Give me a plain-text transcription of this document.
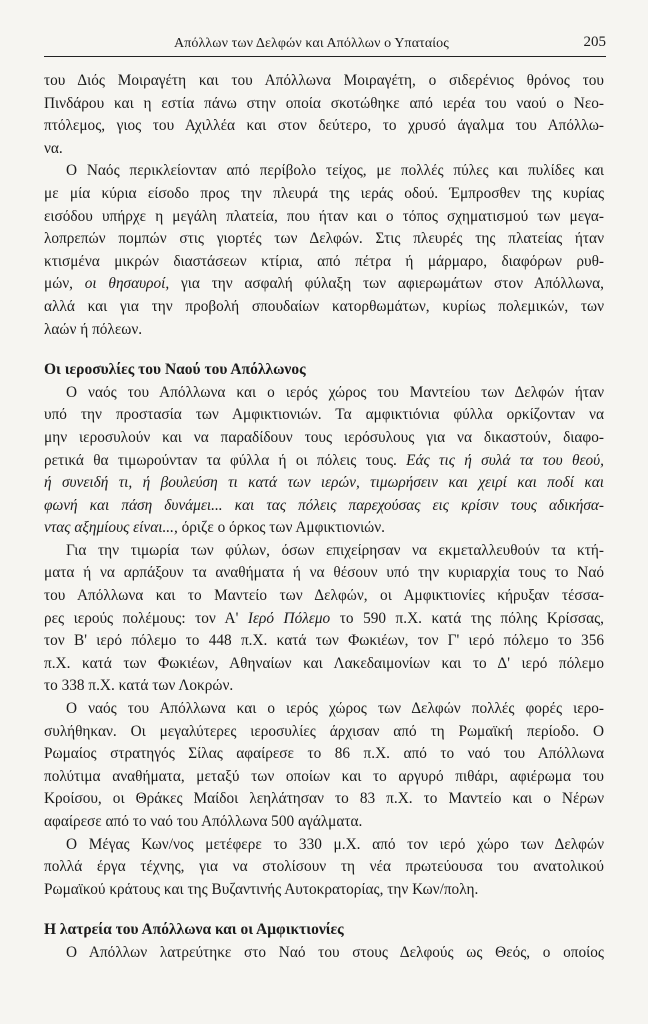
Απόλλων των Δελφών και Απόλλων ο Υπαταίος	205

του Διός Μοιραγέτη και του Απόλλωνα Μοιραγέτη, ο σιδερένιος θρόνος του
Πινδάρου και η εστία πάνω στην οποία σκοτώθηκε από ιερέα του ναού ο Νεο-
πτόλεμος, γιος του Αχιλλέα και στον δεύτερο, το χρυσό άγαλμα του Απόλλω-

να.

Ο Ναός περικλείονταν από περίβολο τείχος, με πολλές πύλες και πυλίδες και

με μία κύρια είσοδο προς την πλευρά της ιεράς οδού. Έμπροσθεν της κυρίας

εισόδου υπήρχε η μεγάλη πλατεία, που ήταν και ο τόπος σχηματισμού των μεγα-

λοπρεπών πομπών στις γιορτές των Δελφών. Στις πλευρές της πλατείας ήταν

κτισμένα μικρών διαστάσεων κτίρια, από πέτρα ή μάρμαρο, διαφόρων ρυθ-

μών, οι θησαυροί, για την ασφαλή φύλαξη των αφιερωμάτων στον Απόλλωνα,

αλλά και για την προβολή σπουδαίων κατορθωμάτων, κυρίως πολεμικών, των

λαών ή πόλεων.

Οι ιεροσυλίες του Ναού του Απόλλωνος

Ο ναός του Απόλλωνα και ο ιερός χώρος του Μαντείου των Δελφών ήταν

υπό την προστασία των Αμφικτιονιών. Τα αμφικτιόνια φύλλα ορκίζονταν να

μην ιεροσυλούν και να παραδίδουν τους ιερόσυλους για να δικαστούν, διαφο-

ρετικά θα τιμωρούνταν τα φύλλα ή οι πόλεις τους. Εάς τις ή συλά τα του θεού,

ή συνειδή τι, ή βουλεύση τι κατά των ιερών, τιμωρήσειν και χειρί και ποδί και

φωνή και πάση δυνάμει... και τας πόλεις παρεχούσας εις κρίσιν τους αδικήσα-

ντας αξημίους είναι..., όριζε ο όρκος των Αμφικτιονιών.

Για την τιμωρία των φύλων, όσων επιχείρησαν να εκμεταλλευθούν τα κτή-

ματα ή να αρπάξουν τα αναθήματα ή να θέσουν υπό την κυριαρχία τους το Ναό

του Απόλλωνα και το Μαντείο των Δελφών, οι Αμφικτιονίες κήρυξαν τέσσα-

ρες ιερούς πολέμους: τον Α' Ιερό Πόλεμο το 590 π.Χ. κατά της πόλης Κρίσσας,

τον Β' ιερό πόλεμο το 448 π.Χ. κατά των Φωκιέων, τον Γ' ιερό πόλεμο το 356

π.Χ. κατά των Φωκιέων, Αθηναίων και Λακεδαιμονίων και το Δ' ιερό πόλεμο

το 338 π.Χ. κατά των Λοκρών.

Ο ναός του Απόλλωνα και ο ιερός χώρος των Δελφών πολλές φορές ιερο-

συλήθηκαν. Οι μεγαλύτερες ιεροσυλίες άρχισαν από τη Ρωμαϊκή περίοδο. Ο

Ρωμαίος στρατηγός Σίλας αφαίρεσε το 86 π.Χ. από το ναό του Απόλλωνα

πολύτιμα αναθήματα, μεταξύ των οποίων και το αργυρό πιθάρι, αφιέρωμα του

Κροίσου, οι Θράκες Μαίδοι λεηλάτησαν το 83 π.Χ. το Μαντείο και ο Νέρων

αφαίρεσε από το ναό του Απόλλωνα 500 αγάλματα.

Ο Μέγας Κων/νος μετέφερε το 330 μ.Χ. από τον ιερό χώρο των Δελφών

πολλά έργα τέχνης, για να στολίσουν τη νέα πρωτεύουσα του ανατολικού

Ρωμαϊκού κράτους και της Βυζαντινής Αυτοκρατορίας, την Κων/πολη.

Η λατρεία του Απόλλωνα και οι Αμφικτιονίες

Ο Απόλλων λατρεύτηκε στο Ναό του στους Δελφούς ως Θεός, ο οποίος
